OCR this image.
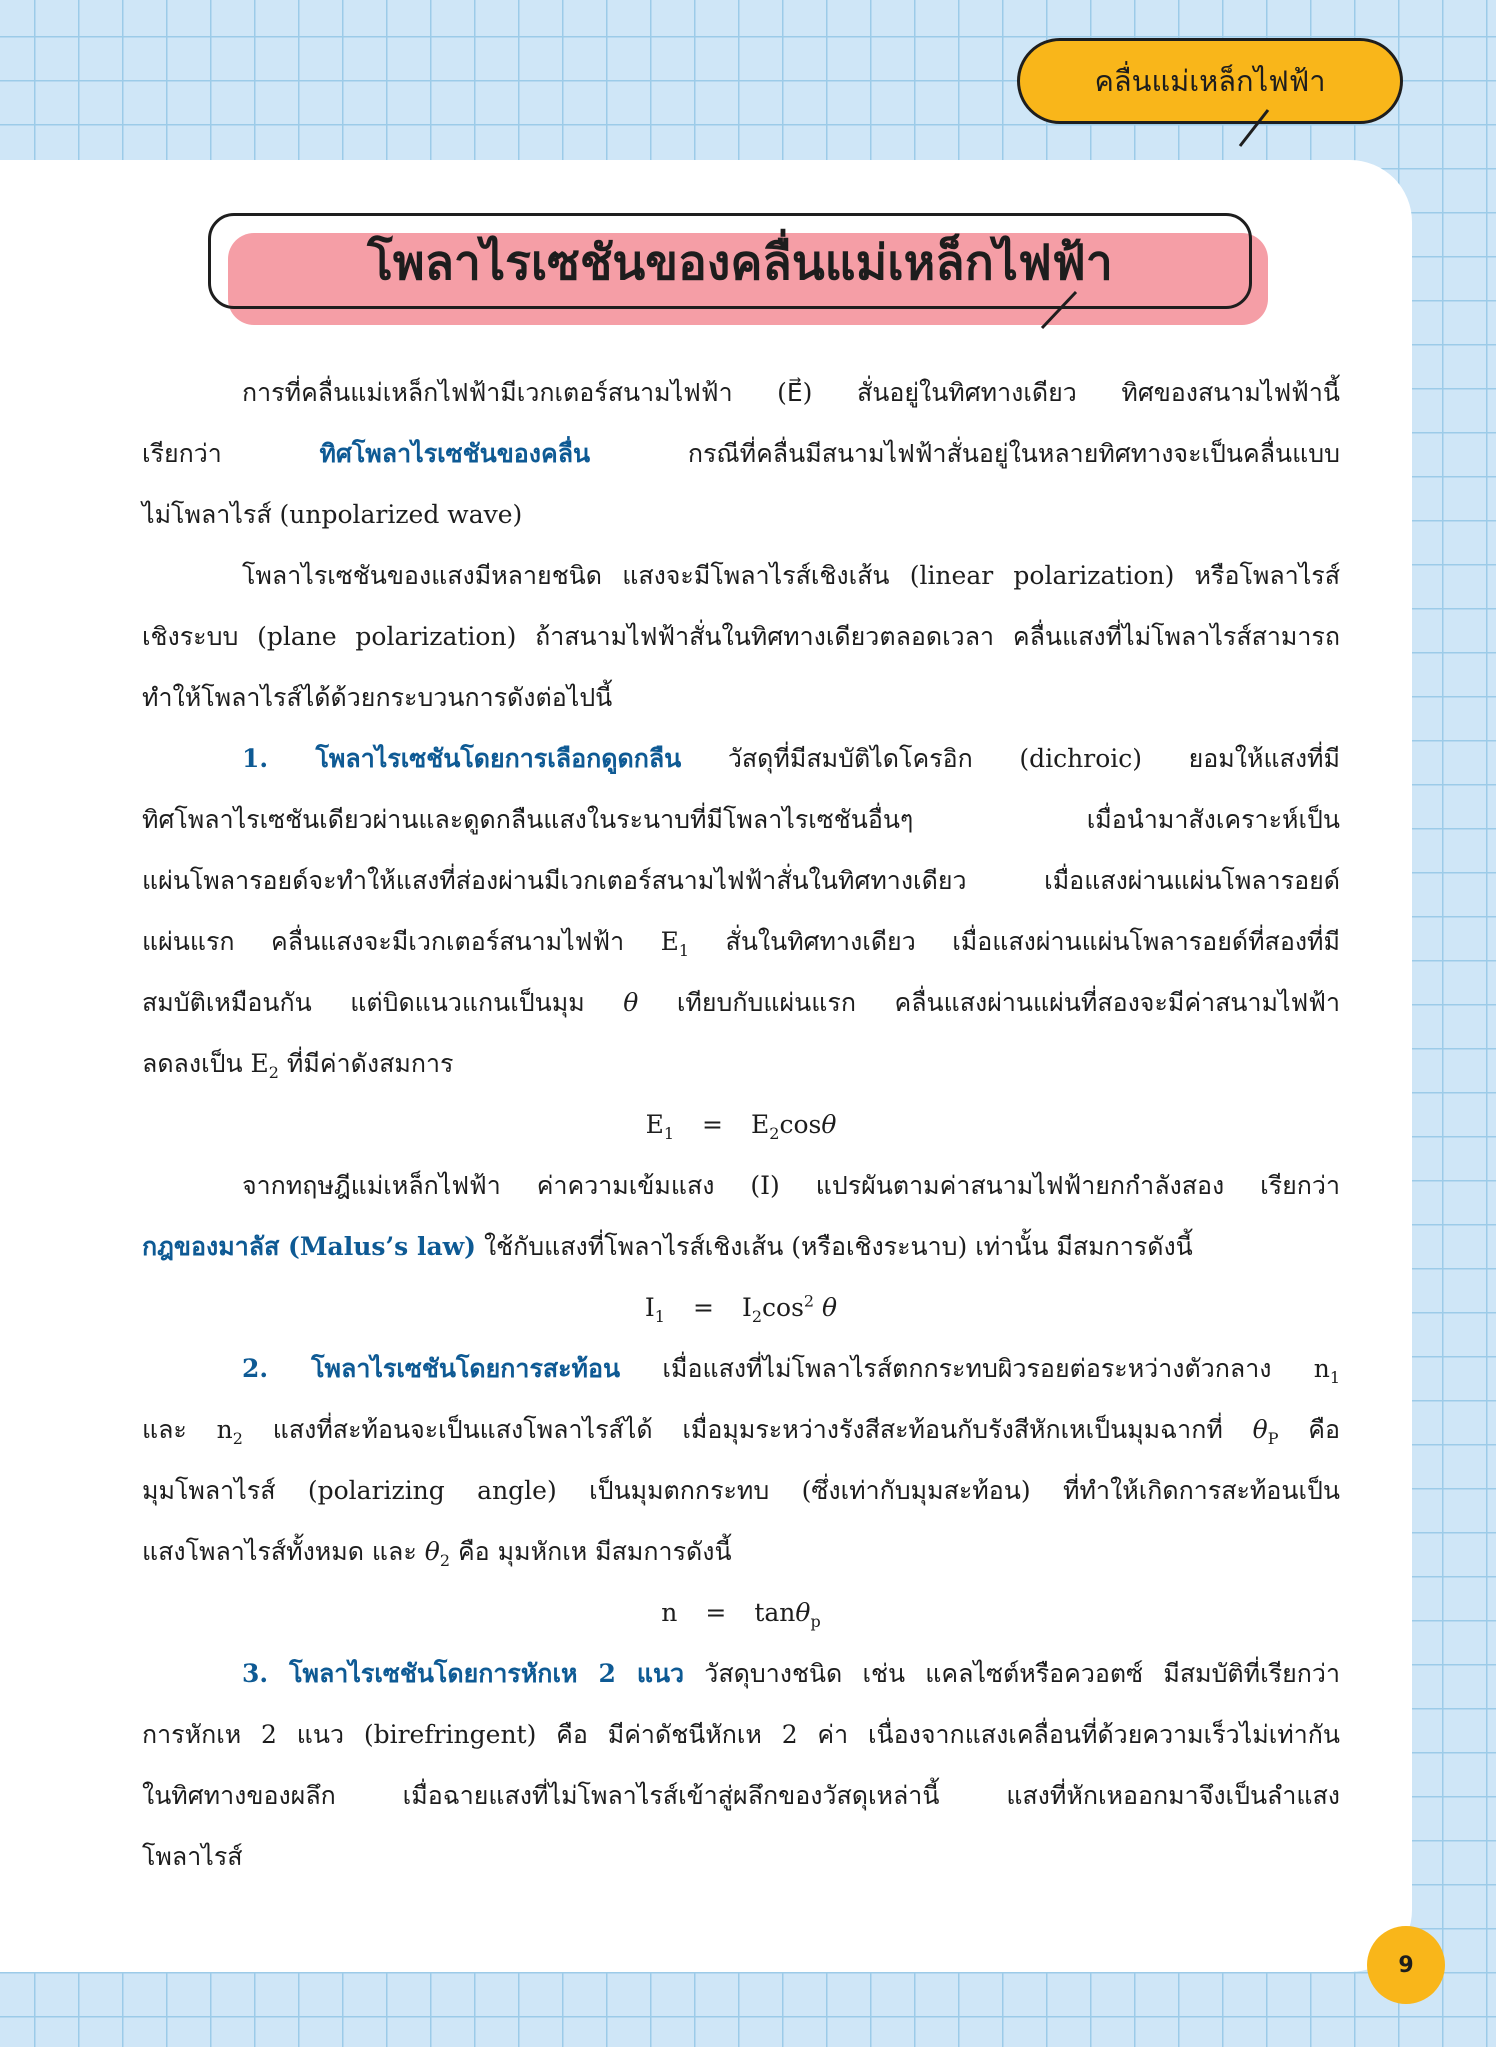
คลื่นแม่เหล็กไฟฟ้า
โพลาไรเซชันของคลื่นแม่เหล็กไฟฟ้า

การที่คลื่นแม่เหล็กไฟฟ้ามีเวกเตอร์สนามไฟฟ้า (E⃗) สั่นอยู่ในทิศทางเดียว ทิศของสนามไฟฟ้านี้

เรียกว่า ทิศโพลาไรเซชันของคลื่น กรณีที่คลื่นมีสนามไฟฟ้าสั่นอยู่ในหลายทิศทางจะเป็นคลื่นแบบ

ไม่โพลาไรส์ (unpolarized wave)

โพลาไรเซชันของแสงมีหลายชนิด แสงจะมีโพลาไรส์เชิงเส้น (linear polarization) หรือโพลาไรส์

เชิงระบบ (plane polarization) ถ้าสนามไฟฟ้าสั่นในทิศทางเดียวตลอดเวลา คลื่นแสงที่ไม่โพลาไรส์สามารถ

ทำให้โพลาไรส์ได้ด้วยกระบวนการดังต่อไปนี้

1. โพลาไรเซชันโดยการเลือกดูดกลืน วัสดุที่มีสมบัติไดโครอิก (dichroic) ยอมให้แสงที่มี

ทิศโพลาไรเซชันเดียวผ่านและดูดกลืนแสงในระนาบที่มีโพลาไรเซชันอื่นๆ เมื่อนำมาสังเคราะห์เป็น

แผ่นโพลารอยด์จะทำให้แสงที่ส่องผ่านมีเวกเตอร์สนามไฟฟ้าสั่นในทิศทางเดียว เมื่อแสงผ่านแผ่นโพลารอยด์

แผ่นแรก คลื่นแสงจะมีเวกเตอร์สนามไฟฟ้า $E_1$ สั่นในทิศทางเดียว เมื่อแสงผ่านแผ่นโพลารอยด์ที่สองที่มี

สมบัติเหมือนกัน แต่บิดแนวแกนเป็นมุม θ เทียบกับแผ่นแรก คลื่นแสงผ่านแผ่นที่สองจะมีค่าสนามไฟฟ้า

ลดลงเป็น $E_2$ ที่มีค่าดังสมการ

$E_1 = E_2\cos\theta$

จากทฤษฎีแม่เหล็กไฟฟ้า ค่าความเข้มแสง (I) แปรผันตามค่าสนามไฟฟ้ายกกำลังสอง เรียกว่า

กฎของมาลัส (Malus’s law) ใช้กับแสงที่โพลาไรส์เชิงเส้น (หรือเชิงระนาบ) เท่านั้น มีสมการดังนี้

$I_1 = I_2\cos^2$ θ

2. โพลาไรเซชันโดยการสะท้อน เมื่อแสงที่ไม่โพลาไรส์ตกกระทบผิวรอยต่อระหว่างตัวกลาง $n_1$

และ $n_2$ แสงที่สะท้อนจะเป็นแสงโพลาไรส์ได้ เมื่อมุมระหว่างรังสีสะท้อนกับรังสีหักเหเป็นมุมฉากที่ $\theta_P$ คือ

มุมโพลาไรส์ (polarizing angle) เป็นมุมตกกระทบ (ซึ่งเท่ากับมุมสะท้อน) ที่ทำให้เกิดการสะท้อนเป็น

แสงโพลาไรส์ทั้งหมด และ $\theta_2$ คือ มุมหักเห มีสมการดังนี้

n = tanθ$_p$

3. โพลาไรเซชันโดยการหักเห 2 แนว วัสดุบางชนิด เช่น แคลไซต์หรือควอตซ์ มีสมบัติที่เรียกว่า

การหักเห 2 แนว (birefringent) คือ มีค่าดัชนีหักเห 2 ค่า เนื่องจากแสงเคลื่อนที่ด้วยความเร็วไม่เท่ากัน

ในทิศทางของผลึก เมื่อฉายแสงที่ไม่โพลาไรส์เข้าสู่ผลึกของวัสดุเหล่านี้ แสงที่หักเหออกมาจึงเป็นลำแสง

โพลาไรส์

9
